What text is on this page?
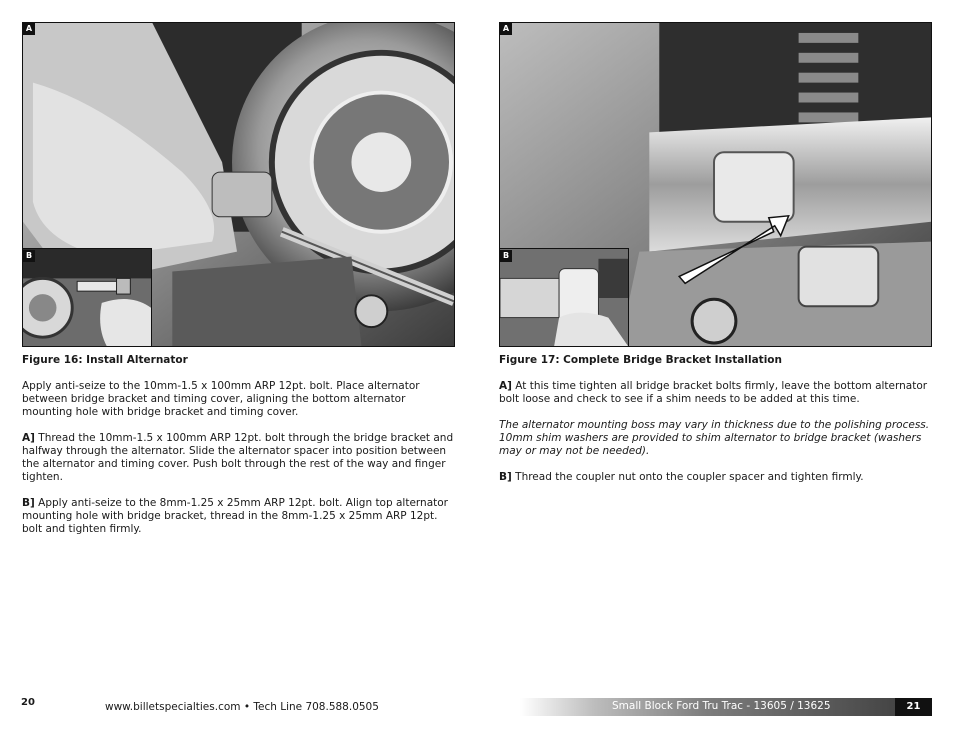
A
B
Figure 16: Install Alternator

Apply anti-seize to the 10mm-1.5 x 100mm ARP 12pt. bolt. Place alternator between bridge bracket and timing cover, aligning the bottom alternator mounting hole with bridge bracket and timing cover.

A] Thread the 10mm-1.5 x 100mm ARP 12pt. bolt through the bridge bracket and halfway through the alternator. Slide the alternator spacer into position between the alternator and timing cover. Push bolt through the rest of the way and finger tighten.

B] Apply anti-seize to the 8mm-1.25 x 25mm ARP 12pt. bolt. Align top alternator mounting hole with bridge bracket, thread in the 8mm-1.25 x 25mm ARP 12pt. bolt and tighten firmly.

20	www.billetspecialties.com • Tech Line 708.588.0505
A
B
Figure 17: Complete Bridge Bracket Installation

A] At this time tighten all bridge bracket bolts firmly, leave the bottom alternator bolt loose and check to see if a shim needs to be added at this time.

The alternator mounting boss may vary in thickness due to the polishing process. 10mm shim washers are provided to shim alternator to bridge bracket (washers may or may not be needed).

B] Thread the coupler nut onto the coupler spacer and tighten firmly.

Small Block Ford Tru Trac - 13605 / 13625	21
